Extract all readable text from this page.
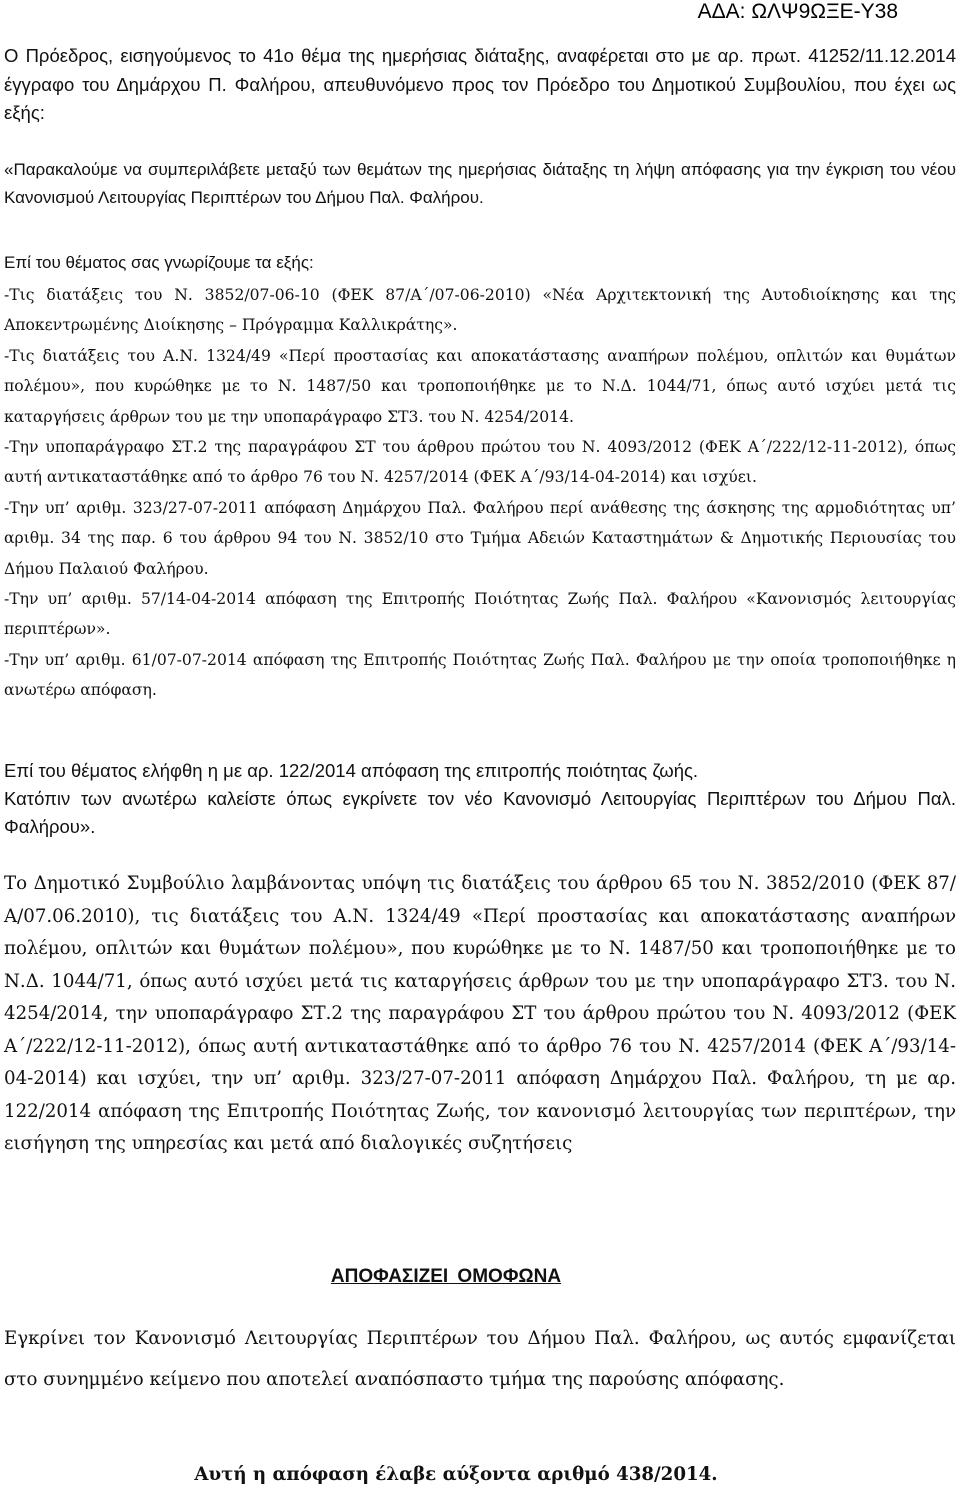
ΑΔΑ: ΩΛΨ9ΩΞΕ-Υ38

Ο Πρόεδρος, εισηγούμενος το 41ο θέμα της ημερήσιας διάταξης, αναφέρεται στο με αρ. πρωτ. 41252/11.12.2014 έγγραφο του Δημάρχου Π. Φαλήρου, απευθυνόμενο προς τον Πρόεδρο του Δημοτικού Συμβουλίου, που έχει ως εξής:

«Παρακαλούμε να συμπεριλάβετε μεταξύ των θεμάτων της ημερήσιας διάταξης τη λήψη απόφασης για την έγκριση του νέου Κανονισμού Λειτουργίας Περιπτέρων του Δήμου Παλ. Φαλήρου.

Επί του θέματος σας γνωρίζουμε τα εξής:

-Τις διατάξεις του Ν. 3852/07-06-10 (ΦΕΚ 87/Α΄/07-06-2010) «Νέα Αρχιτεκτονική της Αυτοδιοίκησης και της Αποκεντρωμένης Διοίκησης – Πρόγραμμα Καλλικράτης».

-Τις διατάξεις του Α.Ν. 1324/49 «Περί προστασίας και αποκατάστασης αναπήρων πολέμου, οπλιτών και θυμάτων πολέμου», που κυρώθηκε με το Ν. 1487/50 και τροποποιήθηκε με το Ν.Δ. 1044/71, όπως αυτό ισχύει μετά τις καταργήσεις άρθρων του με την υποπαράγραφο ΣΤ3. του Ν. 4254/2014.

-Την υποπαράγραφο ΣΤ.2 της παραγράφου ΣΤ του άρθρου πρώτου του Ν. 4093/2012 (ΦΕΚ Α΄/222/12-11-2012), όπως αυτή αντικαταστάθηκε από το άρθρο 76 του Ν. 4257/2014 (ΦΕΚ Α΄/93/14-04-2014) και ισχύει.

-Την υπ’ αριθμ. 323/27-07-2011 απόφαση Δημάρχου Παλ. Φαλήρου περί ανάθεσης της άσκησης της αρμοδιότητας υπ’ αριθμ. 34 της παρ. 6 του άρθρου 94 του Ν. 3852/10 στο Τμήμα Αδειών Καταστημάτων & Δημοτικής Περιουσίας του Δήμου Παλαιού Φαλήρου.

-Την υπ’ αριθμ. 57/14-04-2014 απόφαση της Επιτροπής Ποιότητας Ζωής Παλ. Φαλήρου «Κανονισμός λειτουργίας περιπτέρων».

-Την υπ’ αριθμ. 61/07-07-2014 απόφαση της Επιτροπής Ποιότητας Ζωής Παλ. Φαλήρου με την οποία τροποποιήθηκε η ανωτέρω απόφαση.

Επί του θέματος ελήφθη η με αρ. 122/2014 απόφαση της επιτροπής ποιότητας ζωής.

Κατόπιν των ανωτέρω καλείστε όπως εγκρίνετε τον νέο Κανονισμό Λειτουργίας Περιπτέρων του Δήμου Παλ. Φαλήρου».

Το Δημοτικό Συμβούλιο λαμβάνοντας υπόψη τις διατάξεις του άρθρου 65 του Ν. 3852/2010 (ΦΕΚ 87/Α/07.06.2010), τις διατάξεις του Α.Ν. 1324/49 «Περί προστασίας και αποκατάστασης αναπήρων πολέμου, οπλιτών και θυμάτων πολέμου», που κυρώθηκε με το Ν. 1487/50 και τροποποιήθηκε με το Ν.Δ. 1044/71, όπως αυτό ισχύει μετά τις καταργήσεις άρθρων του με την υποπαράγραφο ΣΤ3. του Ν. 4254/2014, την υποπαράγραφο ΣΤ.2 της παραγράφου ΣΤ του άρθρου πρώτου του Ν. 4093/2012 (ΦΕΚ Α΄/222/12-11-2012), όπως αυτή αντικαταστάθηκε από το άρθρο 76 του Ν. 4257/2014 (ΦΕΚ Α΄/93/14-04-2014) και ισχύει, την υπ’ αριθμ. 323/27-07-2011 απόφαση Δημάρχου Παλ. Φαλήρου, τη με αρ. 122/2014 απόφαση της Επιτροπής Ποιότητας Ζωής, τον κανονισμό λειτουργίας των περιπτέρων, την εισήγηση της υπηρεσίας και μετά από διαλογικές συζητήσεις

ΑΠΟΦΑΣΙΖΕΙ ΟΜΟΦΩΝΑ

Εγκρίνει τον Κανονισμό Λειτουργίας Περιπτέρων του Δήμου Παλ. Φαλήρου, ως αυτός εμφανίζεται στο συνημμένο κείμενο που αποτελεί αναπόσπαστο τμήμα της παρούσης απόφασης.

Αυτή η απόφαση έλαβε αύξοντα αριθμό 438/2014.
